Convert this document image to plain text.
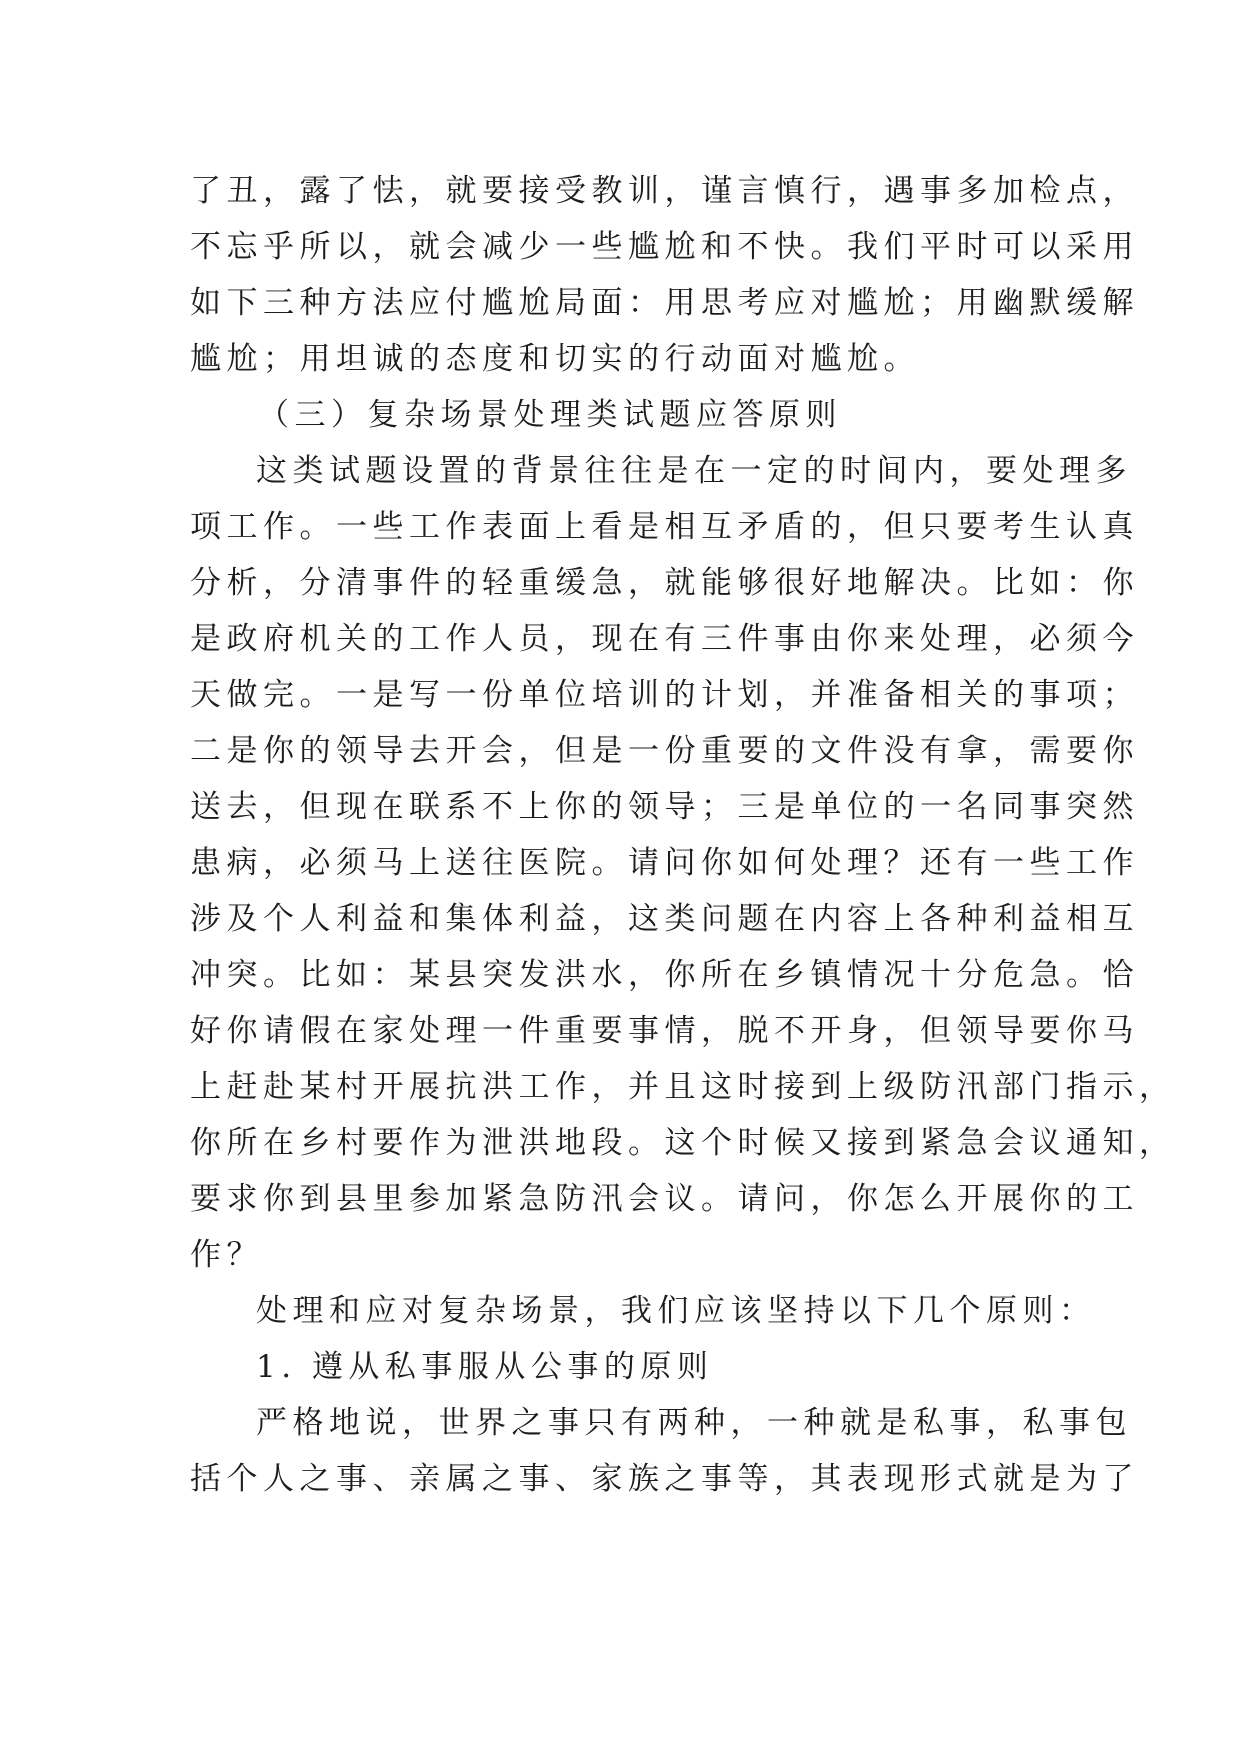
了丑，露了怯，就要接受教训，谨言慎行，遇事多加检点，
不忘乎所以，就会减少一些尴尬和不快。我们平时可以采用
如下三种方法应付尴尬局面：用思考应对尴尬；用幽默缓解
尴尬；用坦诚的态度和切实的行动面对尴尬。
（三）复杂场景处理类试题应答原则
这类试题设置的背景往往是在一定的时间内，要处理多
项工作。一些工作表面上看是相互矛盾的，但只要考生认真
分析，分清事件的轻重缓急，就能够很好地解决。比如：你
是政府机关的工作人员，现在有三件事由你来处理，必须今
天做完。一是写一份单位培训的计划，并准备相关的事项；
二是你的领导去开会，但是一份重要的文件没有拿，需要你
送去，但现在联系不上你的领导；三是单位的一名同事突然
患病，必须马上送往医院。请问你如何处理？还有一些工作
涉及个人利益和集体利益，这类问题在内容上各种利益相互
冲突。比如：某县突发洪水，你所在乡镇情况十分危急。恰
好你请假在家处理一件重要事情，脱不开身，但领导要你马
上赶赴某村开展抗洪工作，并且这时接到上级防汛部门指示，
你所在乡村要作为泄洪地段。这个时候又接到紧急会议通知，
要求你到县里参加紧急防汛会议。请问，你怎么开展你的工
作？
处理和应对复杂场景，我们应该坚持以下几个原则：
1. 遵从私事服从公事的原则
严格地说，世界之事只有两种，一种就是私事，私事包
括个人之事、亲属之事、家族之事等，其表现形式就是为了
